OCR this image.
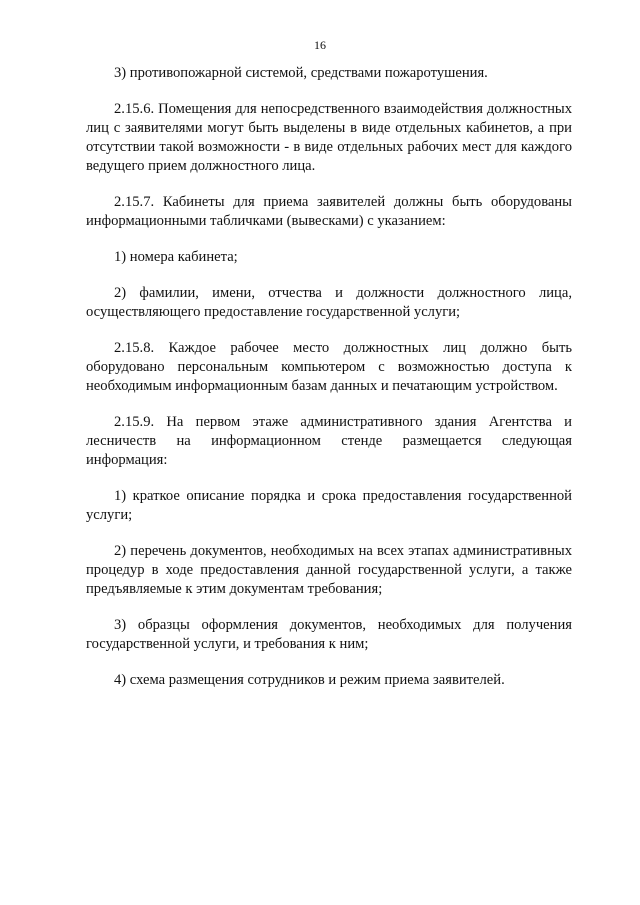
16

3) противопожарной системой, средствами пожаротушения.

2.15.6. Помещения для непосредственного взаимодействия должностных лиц с заявителями могут быть выделены в виде отдельных кабинетов, а при отсутствии такой возможности - в виде отдельных рабочих мест для каждого ведущего прием должностного лица.

2.15.7. Кабинеты для приема заявителей должны быть оборудованы информационными табличками (вывесками) с указанием:

1) номера кабинета;

2) фамилии, имени, отчества и должности должностного лица, осуществляющего предоставление государственной услуги;

2.15.8. Каждое рабочее место должностных лиц должно быть оборудовано персональным компьютером с возможностью доступа к необходимым информационным базам данных и печатающим устройством.

2.15.9. На первом этаже административного здания Агентства и лесничеств на информационном стенде размещается следующая информация:

1) краткое описание порядка и срока предоставления государственной услуги;

2) перечень документов, необходимых на всех этапах административных процедур в ходе предоставления данной государственной услуги, а также предъявляемые к этим документам требования;

3) образцы оформления документов, необходимых для получения государственной услуги, и требования к ним;

4) схема размещения сотрудников и режим приема заявителей.
